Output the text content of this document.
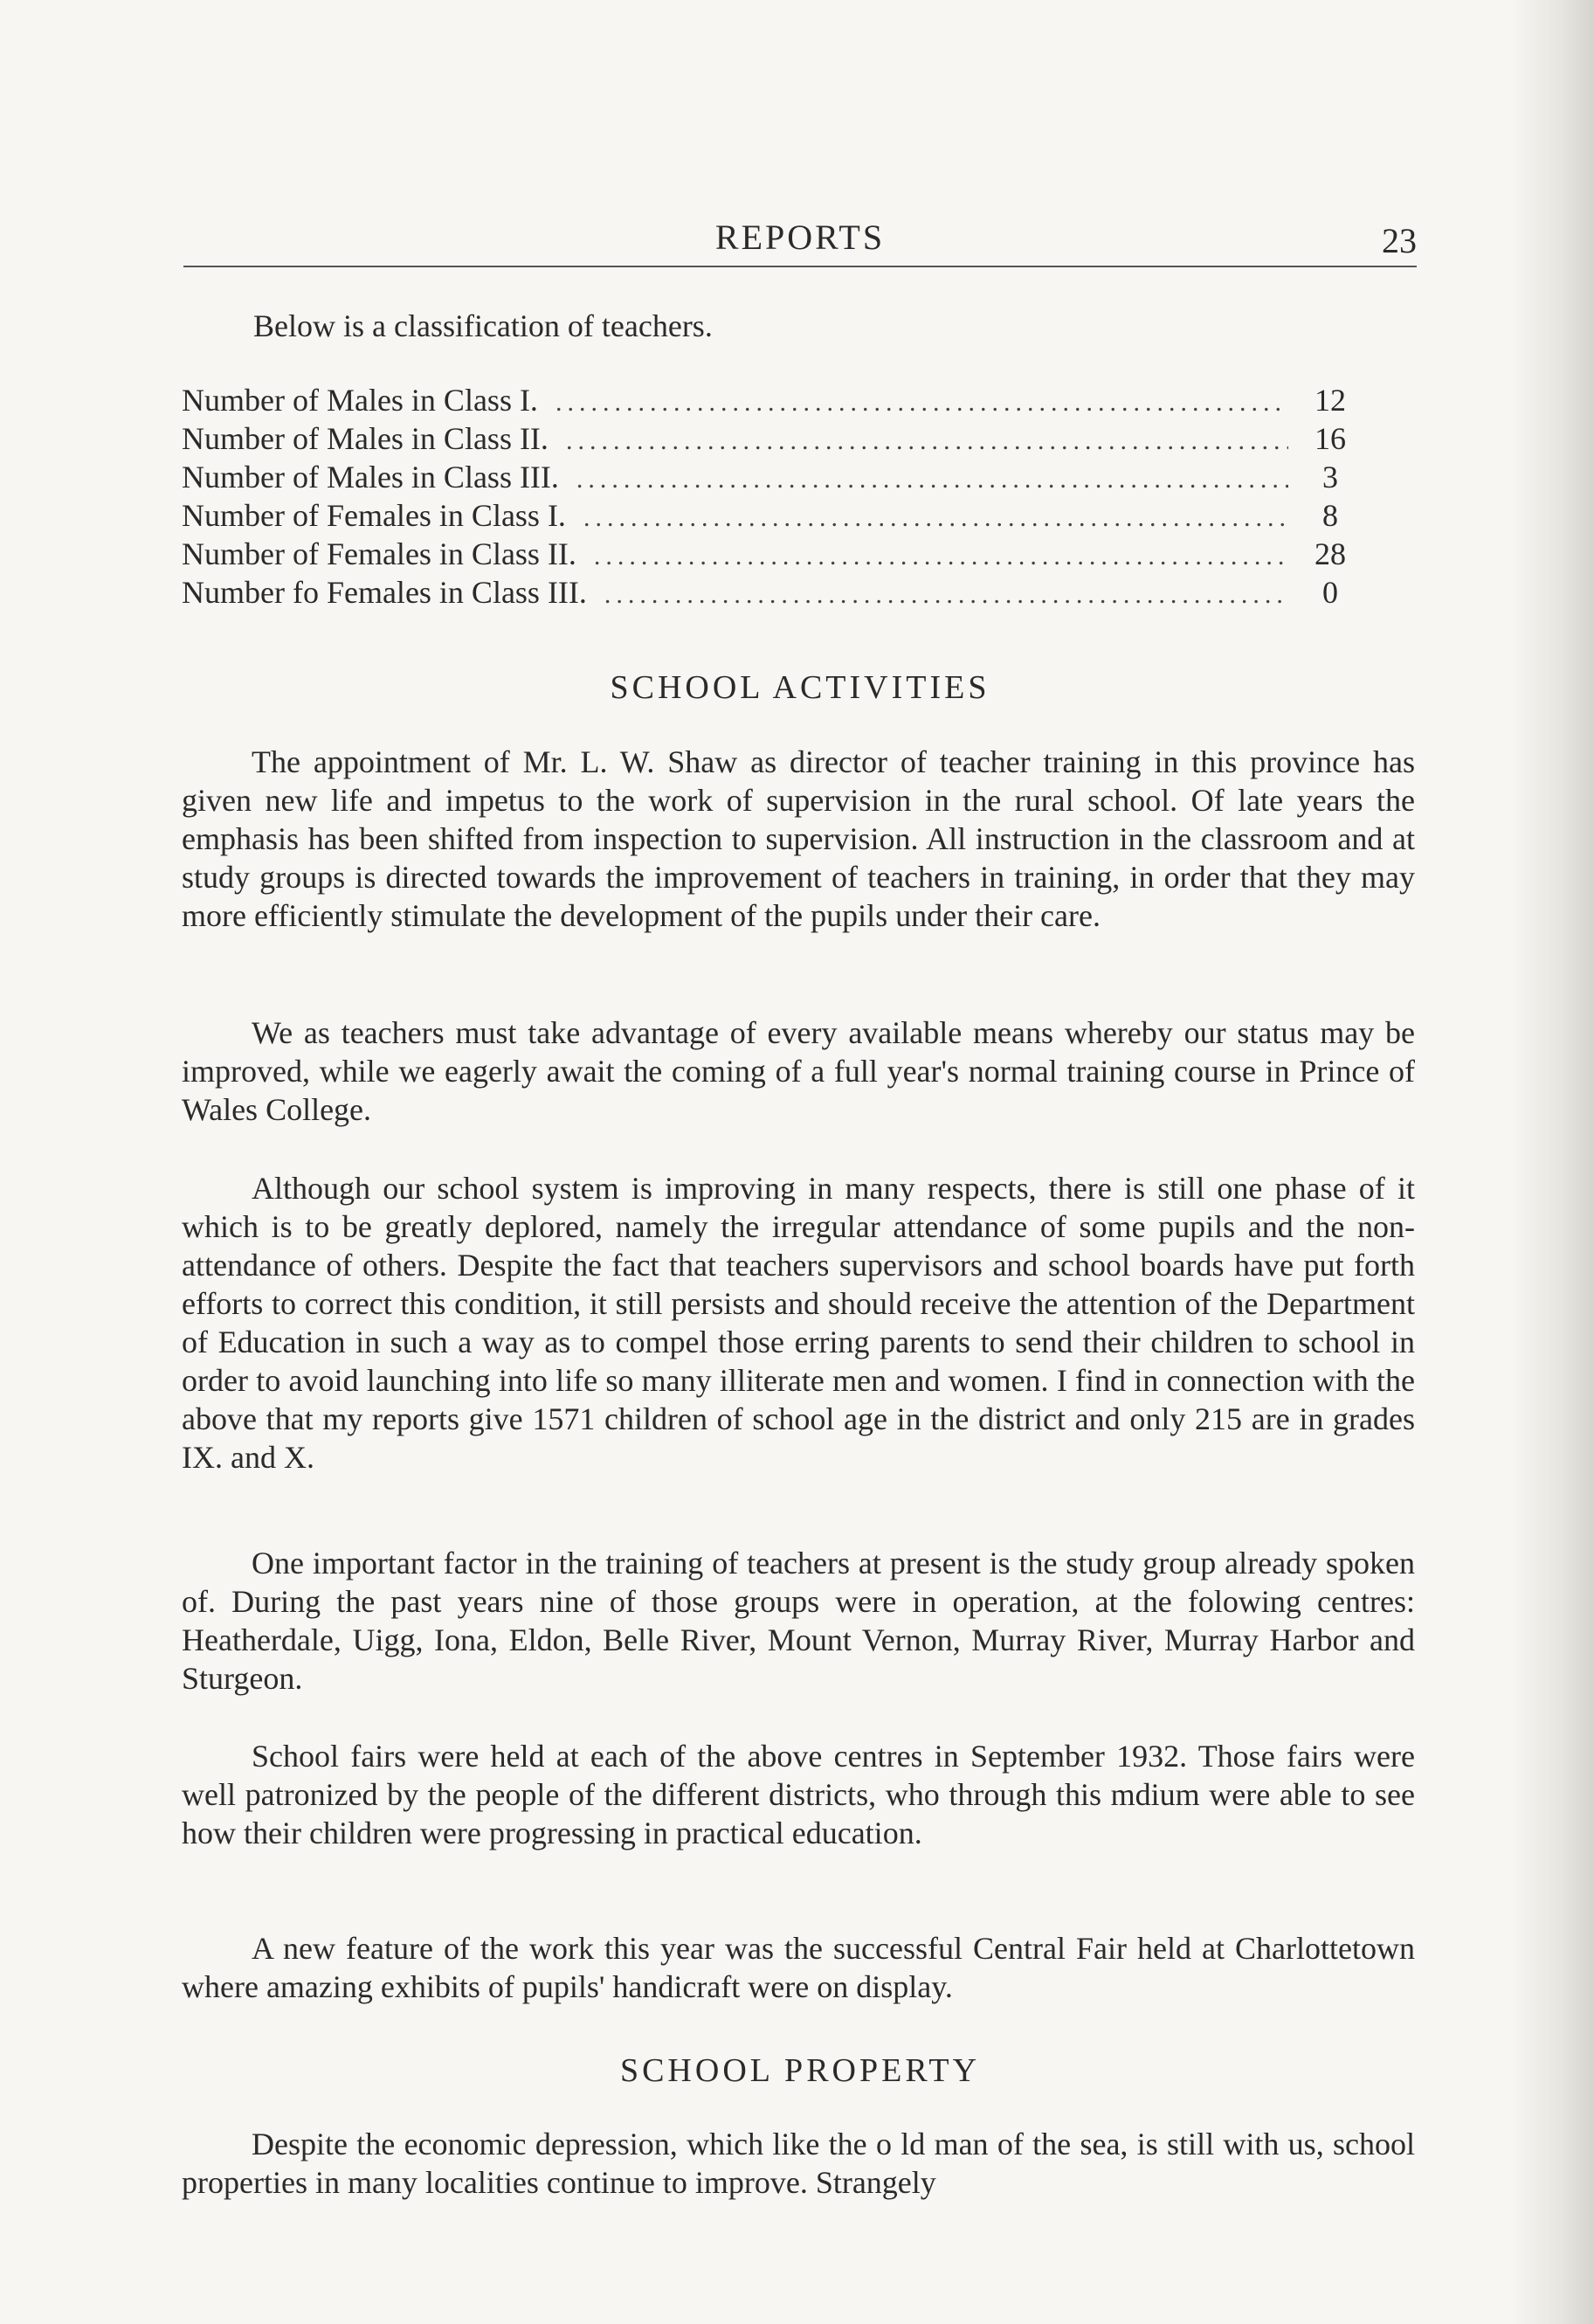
REPORTS	23
Below is a classification of teachers.
Number of Males in Class I. .....	12
Number of Males in Class II. .....	16
Number of Males in Class III. .....	3
Number of Females in Class I. .....	8
Number of Females in Class II. .....	28
Number fo Females in Class III. .....	0
SCHOOL ACTIVITIES

The appointment of Mr. L. W. Shaw as director of teacher training in this province has given new life and impetus to the work of supervision in the rural school. Of late years the emphasis has been shifted from inspection to supervision. All instruction in the classroom and at study groups is directed towards the improvement of teachers in training, in order that they may more efficiently stimulate the development of the pupils under their care.

We as teachers must take advantage of every available means whereby our status may be improved, while we eagerly await the coming of a full year's normal training course in Prince of Wales College.

Although our school system is improving in many respects, there is still one phase of it which is to be greatly deplored, namely the irregular attendance of some pupils and the non-attendance of others. Despite the fact that teachers supervisors and school boards have put forth efforts to correct this condition, it still persists and should receive the attention of the Department of Education in such a way as to compel those erring parents to send their children to school in order to avoid launching into life so many illiterate men and women. I find in connection with the above that my reports give 1571 children of school age in the district and only 215 are in grades IX. and X.

One important factor in the training of teachers at present is the study group already spoken of. During the past years nine of those groups were in operation, at the folowing centres: Heatherdale, Uigg, Iona, Eldon, Belle River, Mount Vernon, Murray River, Murray Harbor and Sturgeon.

School fairs were held at each of the above centres in September 1932. Those fairs were well patronized by the people of the different districts, who through this mdium were able to see how their children were progressing in practical education.

A new feature of the work this year was the successful Central Fair held at Charlottetown where amazing exhibits of pupils' handicraft were on display.

SCHOOL PROPERTY

Despite the economic depression, which like the o ld man of the sea, is still with us, school properties in many localities continue to improve. Strangely
